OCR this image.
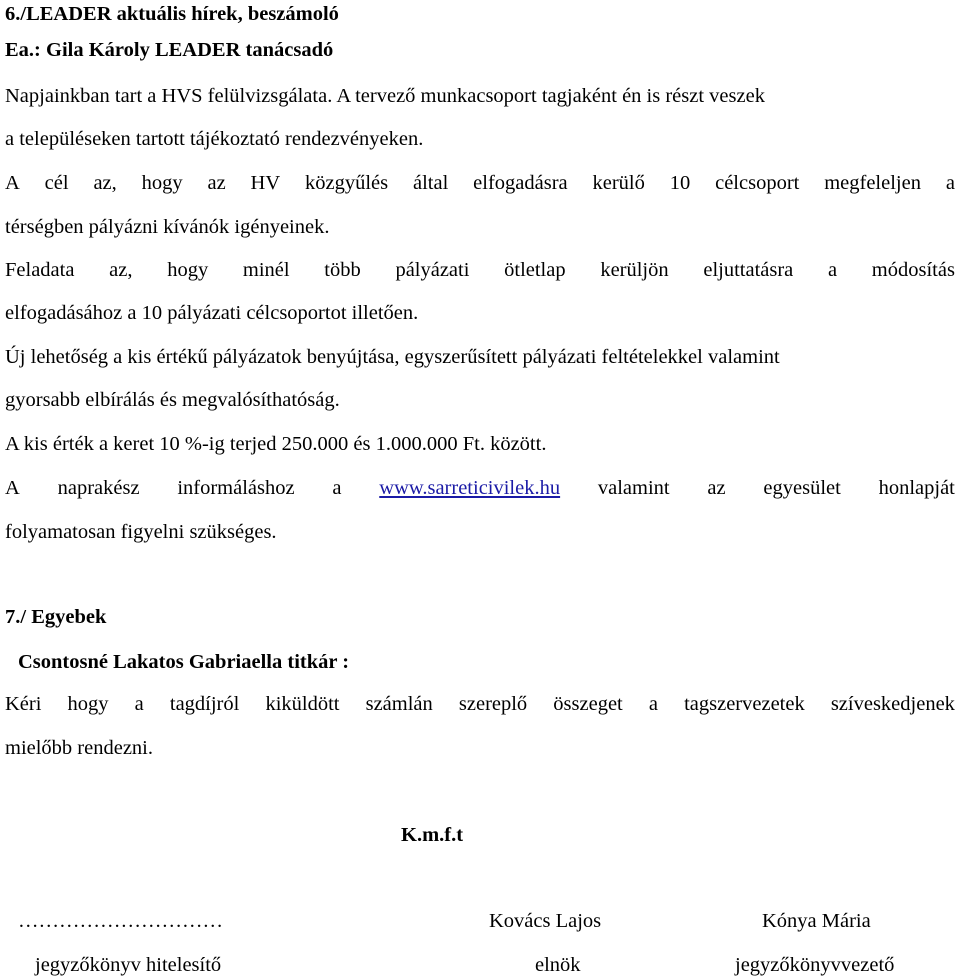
6./LEADER aktuális hírek, beszámoló
Ea.: Gila Károly LEADER tanácsadó
Napjainkban tart a HVS felülvizsgálata. A tervező munkacsoport tagjaként én is részt veszek
a településeken tartott tájékoztató rendezvényeken.
A cél az, hogy az HV közgyűlés által elfogadásra kerülő 10 célcsoport megfeleljen a
térségben pályázni kívánók igényeinek.
Feladata az, hogy minél több pályázati ötletlap kerüljön eljuttatásra a módosítás
elfogadásához a 10 pályázati célcsoportot illetően.
Új lehetőség a kis értékű pályázatok benyújtása, egyszerűsített pályázati feltételekkel valamint
gyorsabb elbírálás és megvalósíthatóság.
A kis érték a keret 10 %-ig terjed 250.000 és 1.000.000 Ft. között.
A naprakész informáláshoz a www.sarreticivilek.hu valamint az egyesület honlapját
folyamatosan figyelni szükséges.
7./ Egyebek
Csontosné Lakatos Gabriaella titkár :
Kéri hogy a tagdíjról kiküldött számlán szereplő összeget a tagszervezetek szíveskedjenek
mielőbb rendezni.
K.m.f.t
…………………………	Kovács Lajos	Kónya Mária
jegyzőkönyv hitelesítő	elnök	jegyzőkönyvvezető
